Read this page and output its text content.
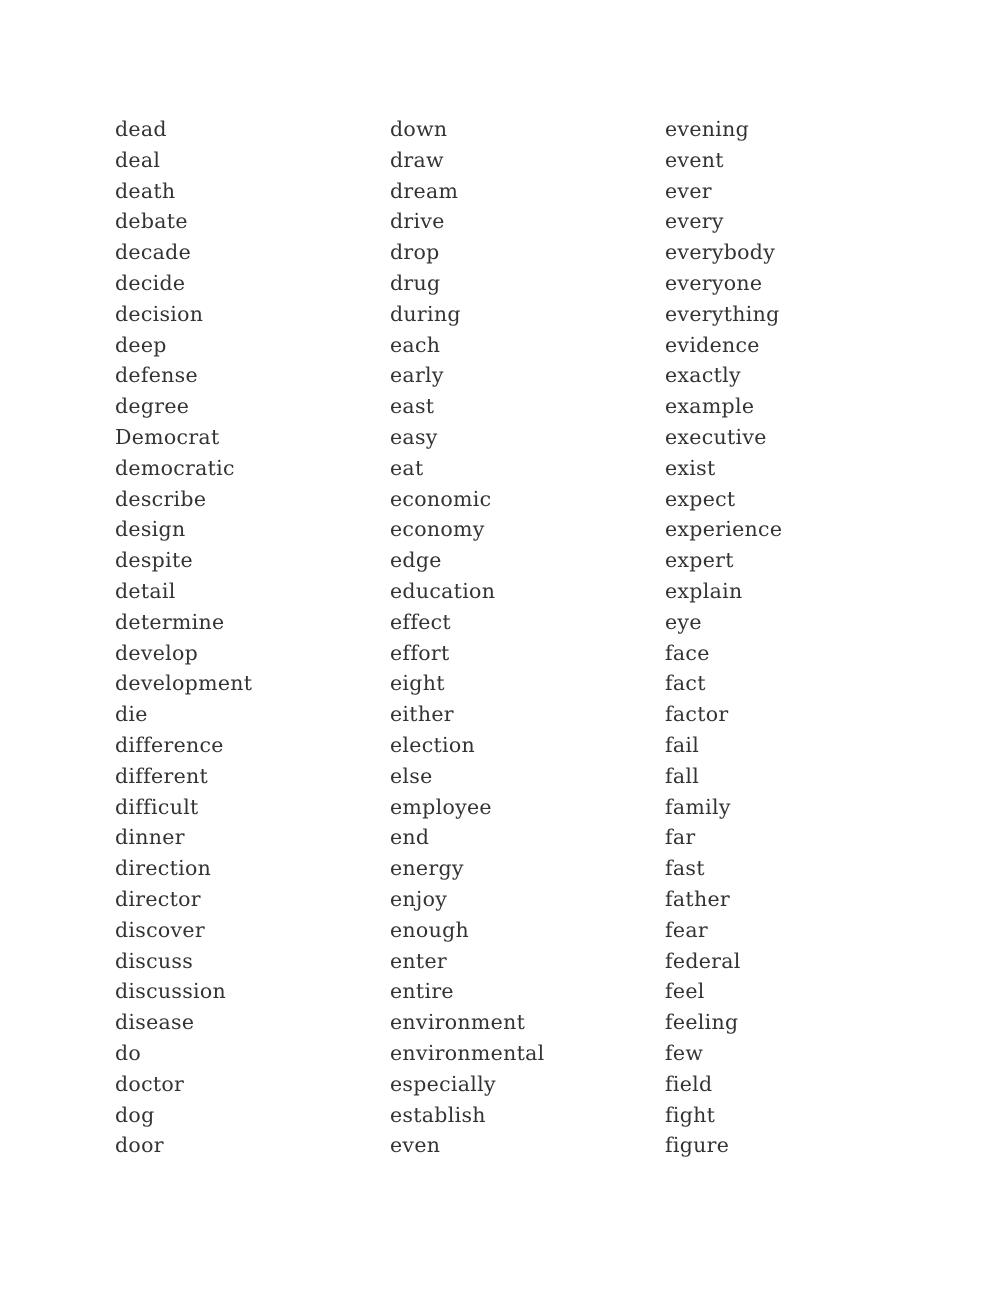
dead
deal
death
debate
decade
decide
decision
deep
defense
degree
Democrat
democratic
describe
design
despite
detail
determine
develop
development
die
difference
different
difficult
dinner
direction
director
discover
discuss
discussion
disease
do
doctor
dog
door
down
draw
dream
drive
drop
drug
during
each
early
east
easy
eat
economic
economy
edge
education
effect
effort
eight
either
election
else
employee
end
energy
enjoy
enough
enter
entire
environment
environmental
especially
establish
even
evening
event
ever
every
everybody
everyone
everything
evidence
exactly
example
executive
exist
expect
experience
expert
explain
eye
face
fact
factor
fail
fall
family
far
fast
father
fear
federal
feel
feeling
few
field
fight
figure
